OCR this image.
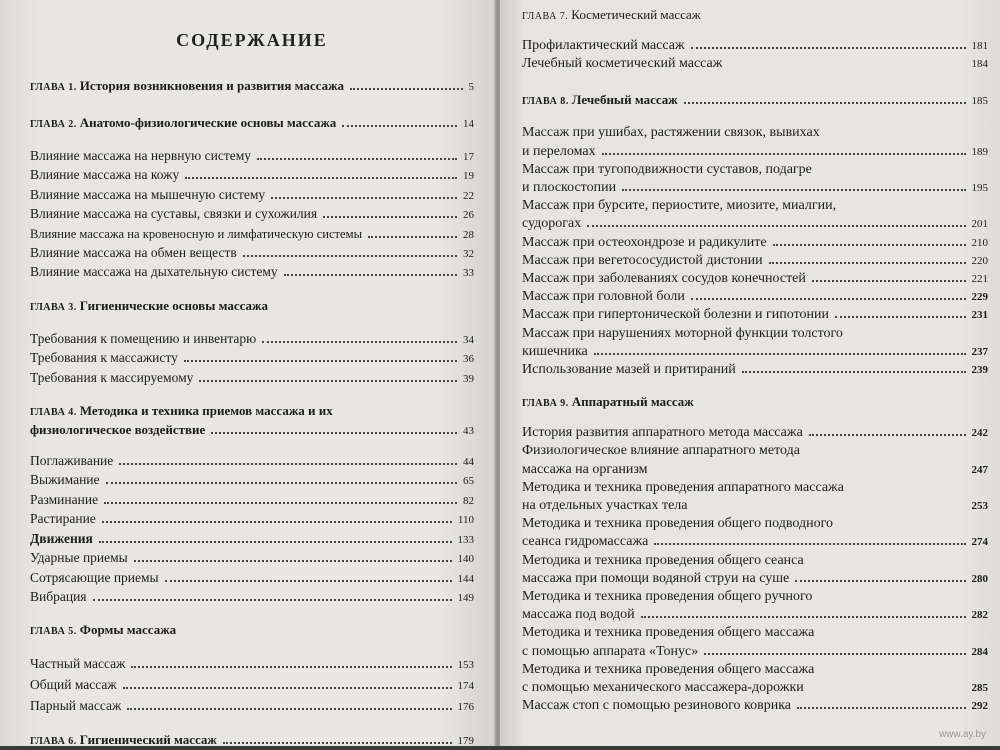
СОДЕРЖАНИЕ
ГЛАВА 1. История возникновения и развития массажа	5
ГЛАВА 2. Анатомо-физиологические основы массажа	14
Влияние массажа на нервную систему	17
Влияние массажа на кожу	19
Влияние массажа на мышечную систему	22
Влияние массажа на суставы, связки и сухожилия	26
Влияние массажа на кровеносную и лимфатическую системы	28
Влияние массажа на обмен веществ	32
Влияние массажа на дыхательную систему	33
ГЛАВА 3. Гигиенические основы массажа
Требования к помещению и инвентарю	34
Требования к массажисту	36
Требования к массируемому	39
ГЛАВА 4. Методика и техника приемов массажа и их
физиологическое воздействие	43
Поглаживание	44
Выжимание	65
Разминание	82
Растирание	110
Движения	133
Ударные приемы	140
Сотрясающие приемы	144
Вибрация	149
ГЛАВА 5. Формы массажа
Частный массаж	153
Общий массаж	174
Парный массаж	176
ГЛАВА 6. Гигиенический массаж	179
ГЛАВА 7. Косметический массаж
Профилактический массаж	181
Лечебный косметический массаж	184
ГЛАВА 8. Лечебный массаж	185
Массаж при ушибах, растяжении связок, вывихах
и переломах	189
Массаж при тугоподвижности суставов, подагре
и плоскостопии	195
Массаж при бурсите, периостите, миозите, миалгии,
судорогах	201
Массаж при остеохондрозе и радикулите	210
Массаж при вегетососудистой дистонии	220
Массаж при заболеваниях сосудов конечностей	221
Массаж при головной боли	229
Массаж при гипертонической болезни и гипотонии	231
Массаж при нарушениях моторной функции толстого
кишечника	237
Использование мазей и притираний	239
ГЛАВА 9. Аппаратный массаж
История развития аппаратного метода массажа	242
Физиологическое влияние аппаратного метода
массажа на организм	247
Методика и техника проведения аппаратного массажа
на отдельных участках тела	253
Методика и техника проведения общего подводного
сеанса гидромассажа	274
Методика и техника проведения общего сеанса
массажа при помощи водяной струи на суше	280
Методика и техника проведения общего ручного
массажа под водой	282
Методика и техника проведения общего массажа
с помощью аппарата «Тонус»	284
Методика и техника проведения общего массажа
с помощью механического массажера-дорожки	285
Массаж стоп с помощью резинового коврика	292
www.ay.by
